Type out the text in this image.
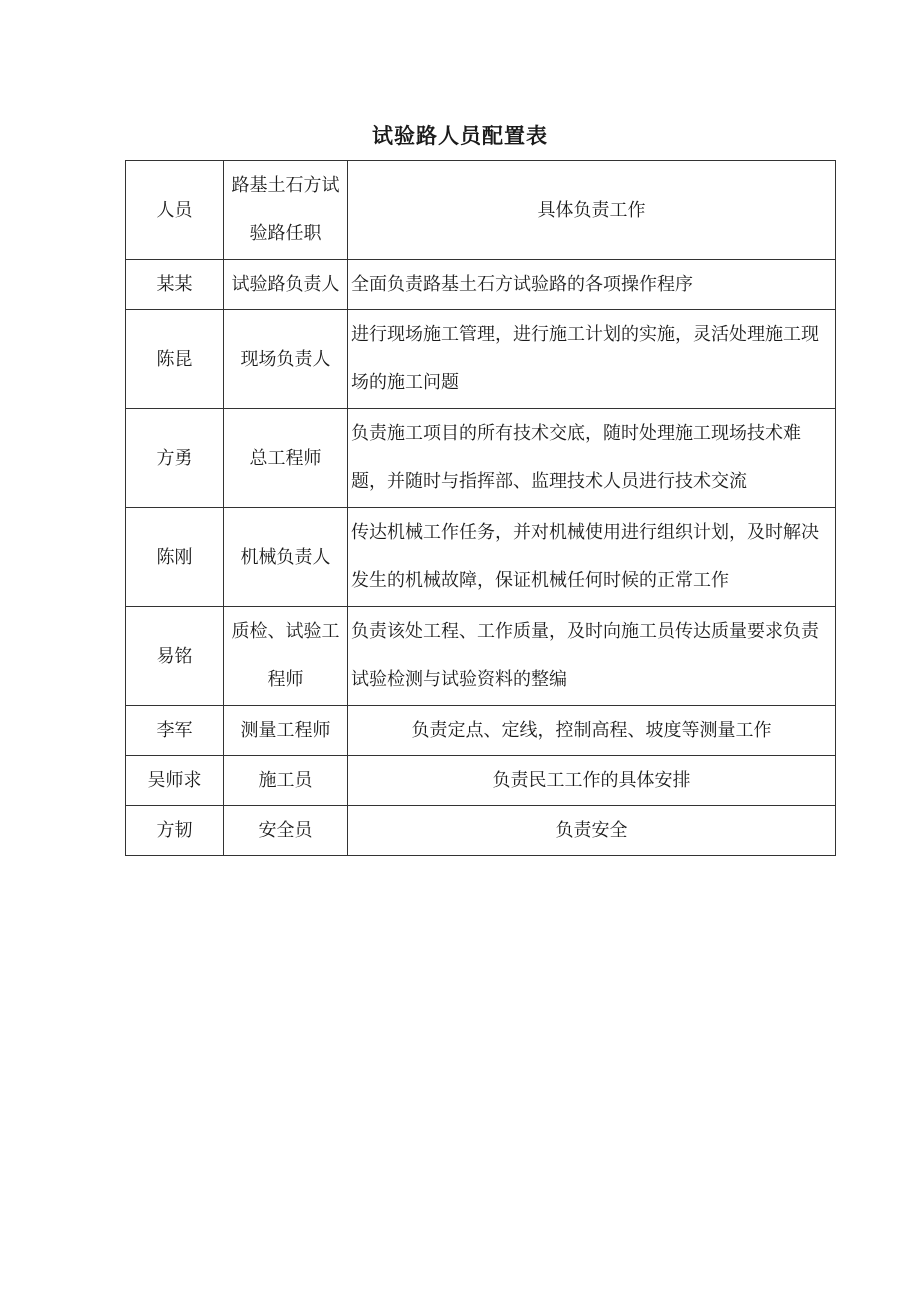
试验路人员配置表
人员	路基土石方试验路任职	具体负责工作
某某	试验路负责人	全面负责路基土石方试验路的各项操作程序
陈昆	现场负责人	进行现场施工管理，进行施工计划的实施，灵活处理施工现场的施工问题
方勇	总工程师	负责施工项目的所有技术交底，随时处理施工现场技术难题，并随时与指挥部、监理技术人员进行技术交流
陈刚	机械负责人	传达机械工作任务，并对机械使用进行组织计划，及时解决发生的机械故障，保证机械任何时候的正常工作
易铭	质检、试验工程师	负责该处工程、工作质量，及时向施工员传达质量要求负责试验检测与试验资料的整编
李军	测量工程师	负责定点、定线，控制高程、坡度等测量工作
吴师求	施工员	负责民工工作的具体安排
方韧	安全员	负责安全
